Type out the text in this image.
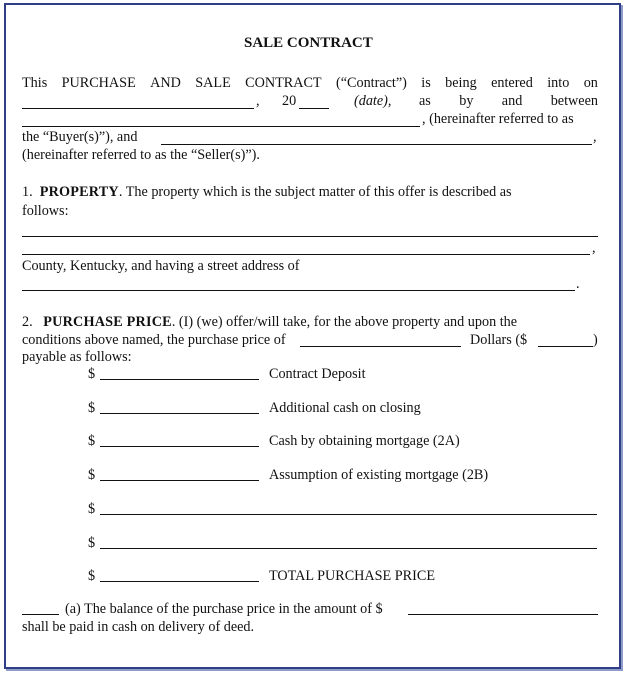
SALE CONTRACT
This PURCHASE AND SALE CONTRACT (“Contract”) is being entered into on
, 20	(date), as by and between
, (hereinafter referred to as
the “Buyer(s)”), and	,
(hereinafter referred to as the “Seller(s)”).
1. PROPERTY. The property which is the subject matter of this offer is described as
follows:
,
County, Kentucky, and having a street address of
.
2. PURCHASE PRICE. (I) (we) offer/will take, for the above property and upon the
conditions above named, the purchase price of	Dollars ($	)
payable as follows:
$	Contract Deposit
$	Additional cash on closing
$	Cash by obtaining mortgage (2A)
$	Assumption of existing mortgage (2B)
$
$
$	TOTAL PURCHASE PRICE
(a) The balance of the purchase price in the amount of $
shall be paid in cash on delivery of deed.
